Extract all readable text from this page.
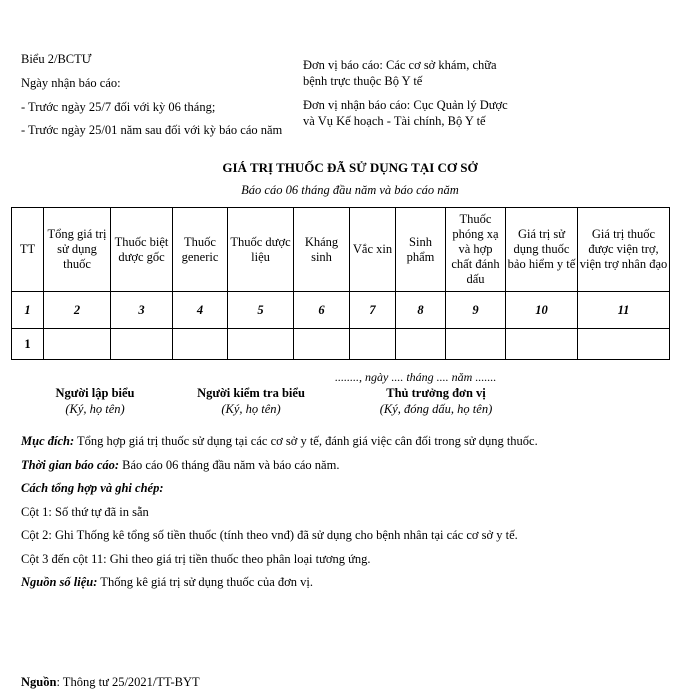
Biểu 2/BCTƯ
Ngày nhận báo cáo:
- Trước ngày 25/7 đối với kỳ 06 tháng;
- Trước ngày 25/01 năm sau đối với kỳ báo cáo năm
Đơn vị báo cáo: Các cơ sở khám, chữa
bệnh trực thuộc Bộ Y tế
Đơn vị nhận báo cáo: Cục Quản lý Dược
và Vụ Kế hoạch - Tài chính, Bộ Y tế
GIÁ TRỊ THUỐC ĐÃ SỬ DỤNG TẠI CƠ SỞ
Báo cáo 06 tháng đầu năm và báo cáo năm
TT	Tổng giá trị sử dụng thuốc	Thuốc biệt dược gốc	Thuốc generic	Thuốc dược liệu	Kháng sinh	Vắc xin	Sinh phẩm	Thuốc phóng xạ và hợp chất đánh dấu	Giá trị sử dụng thuốc bảo hiểm y tế	Giá trị thuốc được viện trợ, viện trợ nhân đạo
1	2	3	4	5	6	7	8	9	10	11
1										
........, ngày .... tháng .... năm .......
Người lập biểu
(Ký, họ tên)
Người kiểm tra biểu
(Ký, họ tên)
Thủ trưởng đơn vị
(Ký, đóng dấu, họ tên)

Mục đích: Tổng hợp giá trị thuốc sử dụng tại các cơ sở y tế, đánh giá việc cân đối trong sử dụng thuốc.

Thời gian báo cáo: Báo cáo 06 tháng đầu năm và báo cáo năm.

Cách tổng hợp và ghi chép:

Cột 1: Số thứ tự đã in sẵn

Cột 2: Ghi Thống kê tổng số tiền thuốc (tính theo vnđ) đã sử dụng cho bệnh nhân tại các cơ sở y tế.

Cột 3 đến cột 11: Ghi theo giá trị tiền thuốc theo phân loại tương ứng.

Nguồn số liệu: Thống kê giá trị sử dụng thuốc của đơn vị.

Nguồn: Thông tư 25/2021/TT-BYT
